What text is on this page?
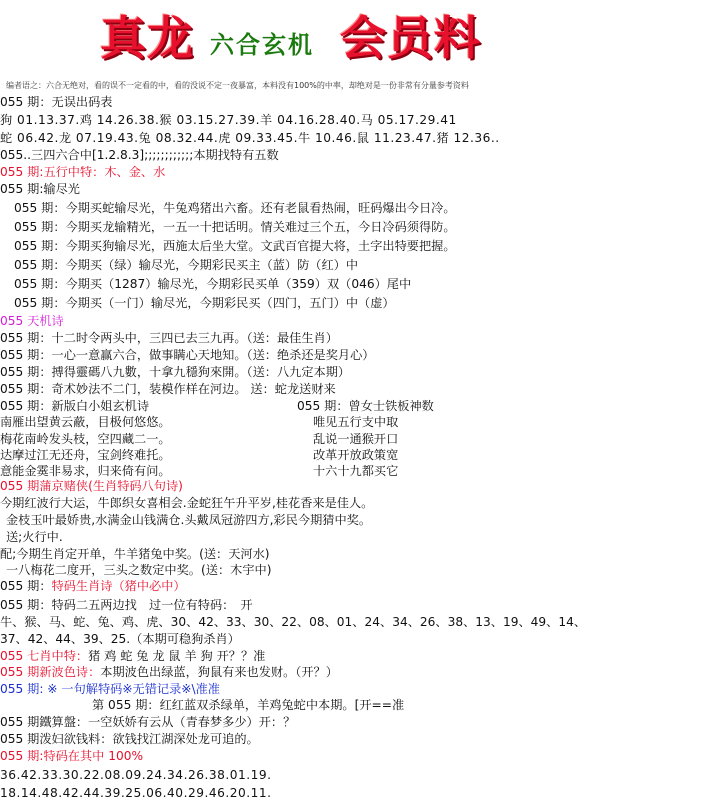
真龙 六合玄机 会员料
编者语之：六合无绝对，看的误不一定看的中，看的没说不定一夜暴富，本料没有100%的中率，却绝对是一份非常有分量参考资料
055 期：无误出码表
狗 01.13.37.鸡 14.26.38.猴 03.15.27.39.羊 04.16.28.40.马 05.17.29.41
蛇 06.42.龙 07.19.43.兔 08.32.44.虎 09.33.45.牛 10.46.鼠 11.23.47.猪 12.36..
055..三四六合中[1.2.8.3];;;;;;;;;;;;本期找特有五数
055 期:五行中特：木、金、水
055 期:输尽光
055 期：今期买蛇输尽光，牛兔鸡猪出六畜。还有老鼠看热闹，旺码爆出今日冷。
055 期：今期买龙输精光，一五一十把话明。情关难过三个五，今日冷码须得防。
055 期：今期买狗输尽光，西施太后坐大堂。文武百官提大将，土字出特要把握。
055 期：今期买（绿）输尽光，今期彩民买主（蓝）防（红）中
055 期：今期买（1287）输尽光，今期彩民买单（359）双（046）尾中
055 期：今期买（一门）输尽光，今期彩民买（四门，五门）中（虚）
055 天机诗
055 期：十二时令两头中，三四已去三九再。（送：最佳生肖）
055 期：一心一意赢六合，做事瞒心天地知。（送：绝杀还是奖月心）
055 期：搏得靈碼八九數，十拿九穩狗來開。（送：八九定本期）
055 期：奇术妙法不二门，装模作样在河边。 送：蛇龙送财来
055 期：新版白小姐玄机诗	055 期：曾女士铁板神数
南雁出望黄云蔽，目极何悠悠。	唯见五行支中取
梅花南岭发头枝，空四藏二一。	乱说一通猴开口
达摩过江无还舟，宝剑终难托。	改革开放政策宽
意能金霙非易求，归来倚有问。	十六十九都买它
055 期蒲京赌侠(生肖特码八句诗)
今期红波行大运，牛郎织女喜相会.金蛇狂午升平岁,桂花香来是佳人。
金枝玉叶最娇贵,水满金山钱满仓.头戴凤冠游四方,彩民今期猜中奖。
送;火行中.
配;今期生肖定开单，牛羊猪兔中奖。(送：天河水)
一八梅花二度开，三头之数定中奖。(送：木宇中)
055 期：特码生肖诗（猪中必中）
055 期：特码二五两边找　过一位有特码：　开
牛、猴、马、蛇、兔、鸡、虎、30、42、33、30、22、08、01、24、34、26、38、13、19、49、14、
37、42、44、39、25.（本期可稳狗杀肖）
055 七肖中特：猪 鸡 蛇 兔 龙 鼠 羊 狗 开？？准
055 期新波色诗：本期波色出绿蓝，狗鼠有来也发财。（开？）
055 期: ※ 一句解特码※无错记录※\准准
第 055 期：红红蓝双杀绿单，羊鸡兔蛇中本期。[开==准
055 期鐵算盤：一空妖娇有云从（青春梦多少）开：？
055 期泼妇欲钱料：欲钱找江湖深处龙可追的。
055 期:特码在其中 100%
36.42.33.30.22.08.09.24.34.26.38.01.19.
18.14.48.42.44.39.25.06.40.29.46.20.11.
